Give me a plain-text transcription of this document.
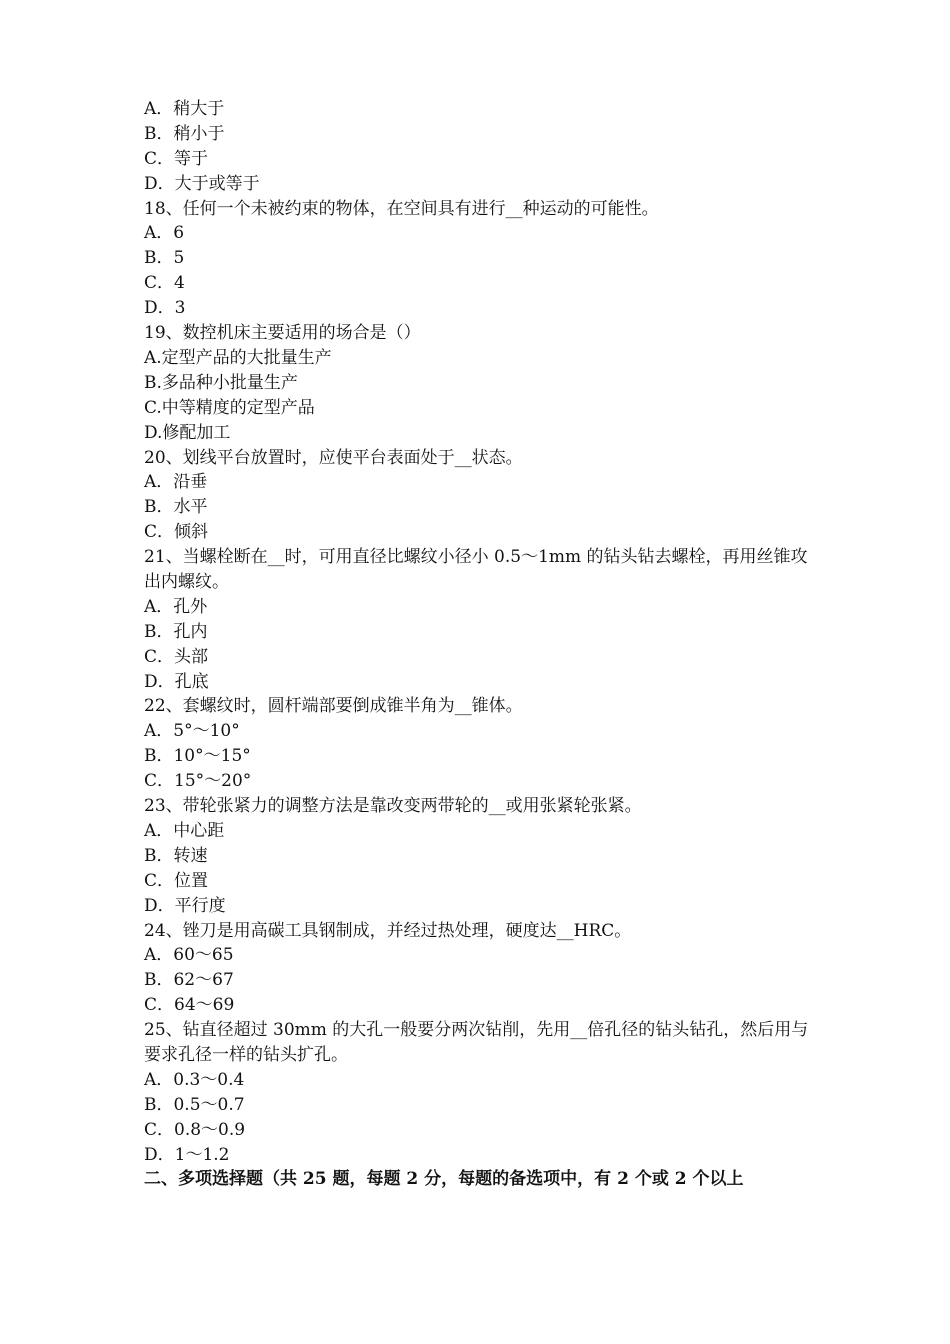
A．稍大于
B．稍小于
C．等于
D．大于或等于
18、任何一个未被约束的物体，在空间具有进行__种运动的可能性。
A．6
B．5
C．4
D．3
19、数控机床主要适用的场合是（）
A.定型产品的大批量生产
B.多品种小批量生产
C.中等精度的定型产品
D.修配加工
20、划线平台放置时，应使平台表面处于__状态。
A．沿垂
B．水平
C．倾斜
21、当螺栓断在__时，可用直径比螺纹小径小 0.5～1mm 的钻头钻去螺栓，再用丝锥攻出内螺纹。
A．孔外
B．孔内
C．头部
D．孔底
22、套螺纹时，圆杆端部要倒成锥半角为__锥体。
A．5°～10°
B．10°～15°
C．15°～20°
23、带轮张紧力的调整方法是靠改变两带轮的__或用张紧轮张紧。
A．中心距
B．转速
C．位置
D．平行度
24、锉刀是用高碳工具钢制成，并经过热处理，硬度达__HRC。
A．60～65
B．62～67
C．64～69
25、钻直径超过 30mm 的大孔一般要分两次钻削，先用__倍孔径的钻头钻孔，然后用与要求孔径一样的钻头扩孔。
A．0.3～0.4
B．0.5～0.7
C．0.8～0.9
D．1～1.2
二、多项选择题（共 25 题，每题 2 分，每题的备选项中，有 2 个或 2 个以上
